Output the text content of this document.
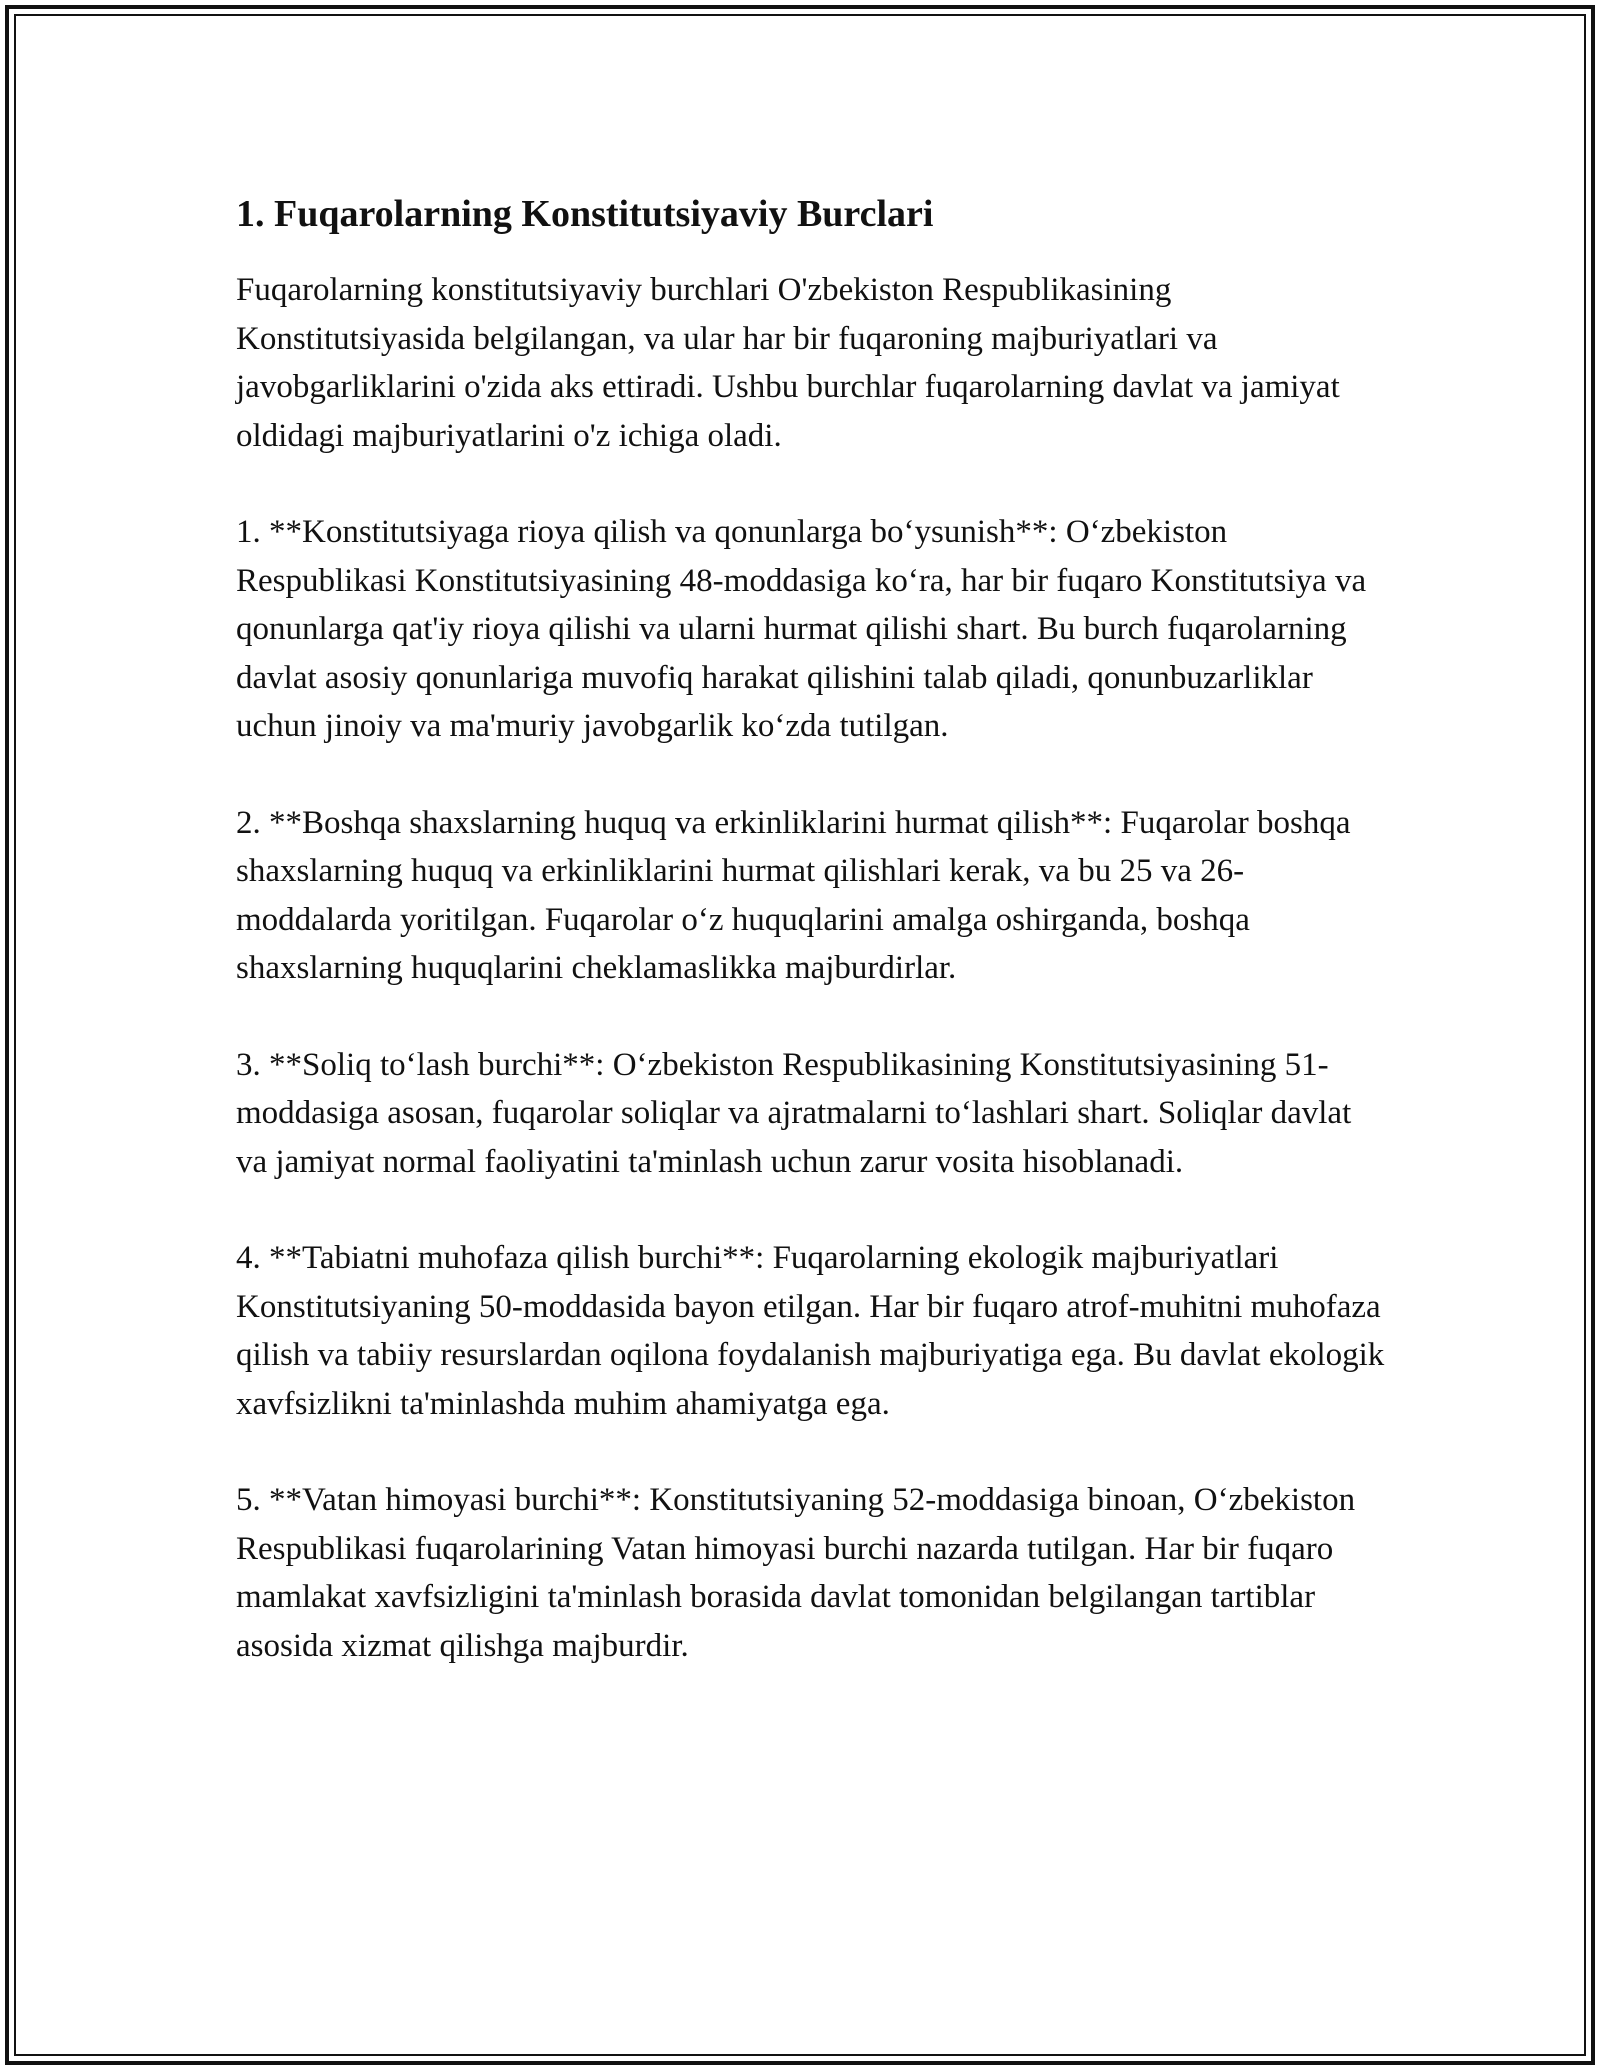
1. Fuqarolarning Konstitutsiyaviy Burclari

Fuqarolarning konstitutsiyaviy burchlari O'zbekiston Respublikasining Konstitutsiyasida belgilangan, va ular har bir fuqaroning majburiyatlari va javobgarliklarini o'zida aks ettiradi. Ushbu burchlar fuqarolarning davlat va jamiyat oldidagi majburiyatlarini o'z ichiga oladi.

1. **Konstitutsiyaga rioya qilish va qonunlarga bo‘ysunish**: O‘zbekiston Respublikasi Konstitutsiyasining 48-moddasiga ko‘ra, har bir fuqaro Konstitutsiya va qonunlarga qat'iy rioya qilishi va ularni hurmat qilishi shart. Bu burch fuqarolarning davlat asosiy qonunlariga muvofiq harakat qilishini talab qiladi, qonunbuzarliklar uchun jinoiy va ma'muriy javobgarlik ko‘zda tutilgan.

2. **Boshqa shaxslarning huquq va erkinliklarini hurmat qilish**: Fuqarolar boshqa shaxslarning huquq va erkinliklarini hurmat qilishlari kerak, va bu 25 va 26-moddalarda yoritilgan. Fuqarolar o‘z huquqlarini amalga oshirganda, boshqa shaxslarning huquqlarini cheklamaslikka majburdirlar.

3. **Soliq to‘lash burchi**: O‘zbekiston Respublikasining Konstitutsiyasining 51-moddasiga asosan, fuqarolar soliqlar va ajratmalarni to‘lashlari shart. Soliqlar davlat va jamiyat normal faoliyatini ta'minlash uchun zarur vosita hisoblanadi.

4. **Tabiatni muhofaza qilish burchi**: Fuqarolarning ekologik majburiyatlari Konstitutsiyaning 50-moddasida bayon etilgan. Har bir fuqaro atrof-muhitni muhofaza qilish va tabiiy resurslardan oqilona foydalanish majburiyatiga ega. Bu davlat ekologik xavfsizlikni ta'minlashda muhim ahamiyatga ega.

5. **Vatan himoyasi burchi**: Konstitutsiyaning 52-moddasiga binoan, O‘zbekiston Respublikasi fuqarolarining Vatan himoyasi burchi nazarda tutilgan. Har bir fuqaro mamlakat xavfsizligini ta'minlash borasida davlat tomonidan belgilangan tartiblar asosida xizmat qilishga majburdir.
